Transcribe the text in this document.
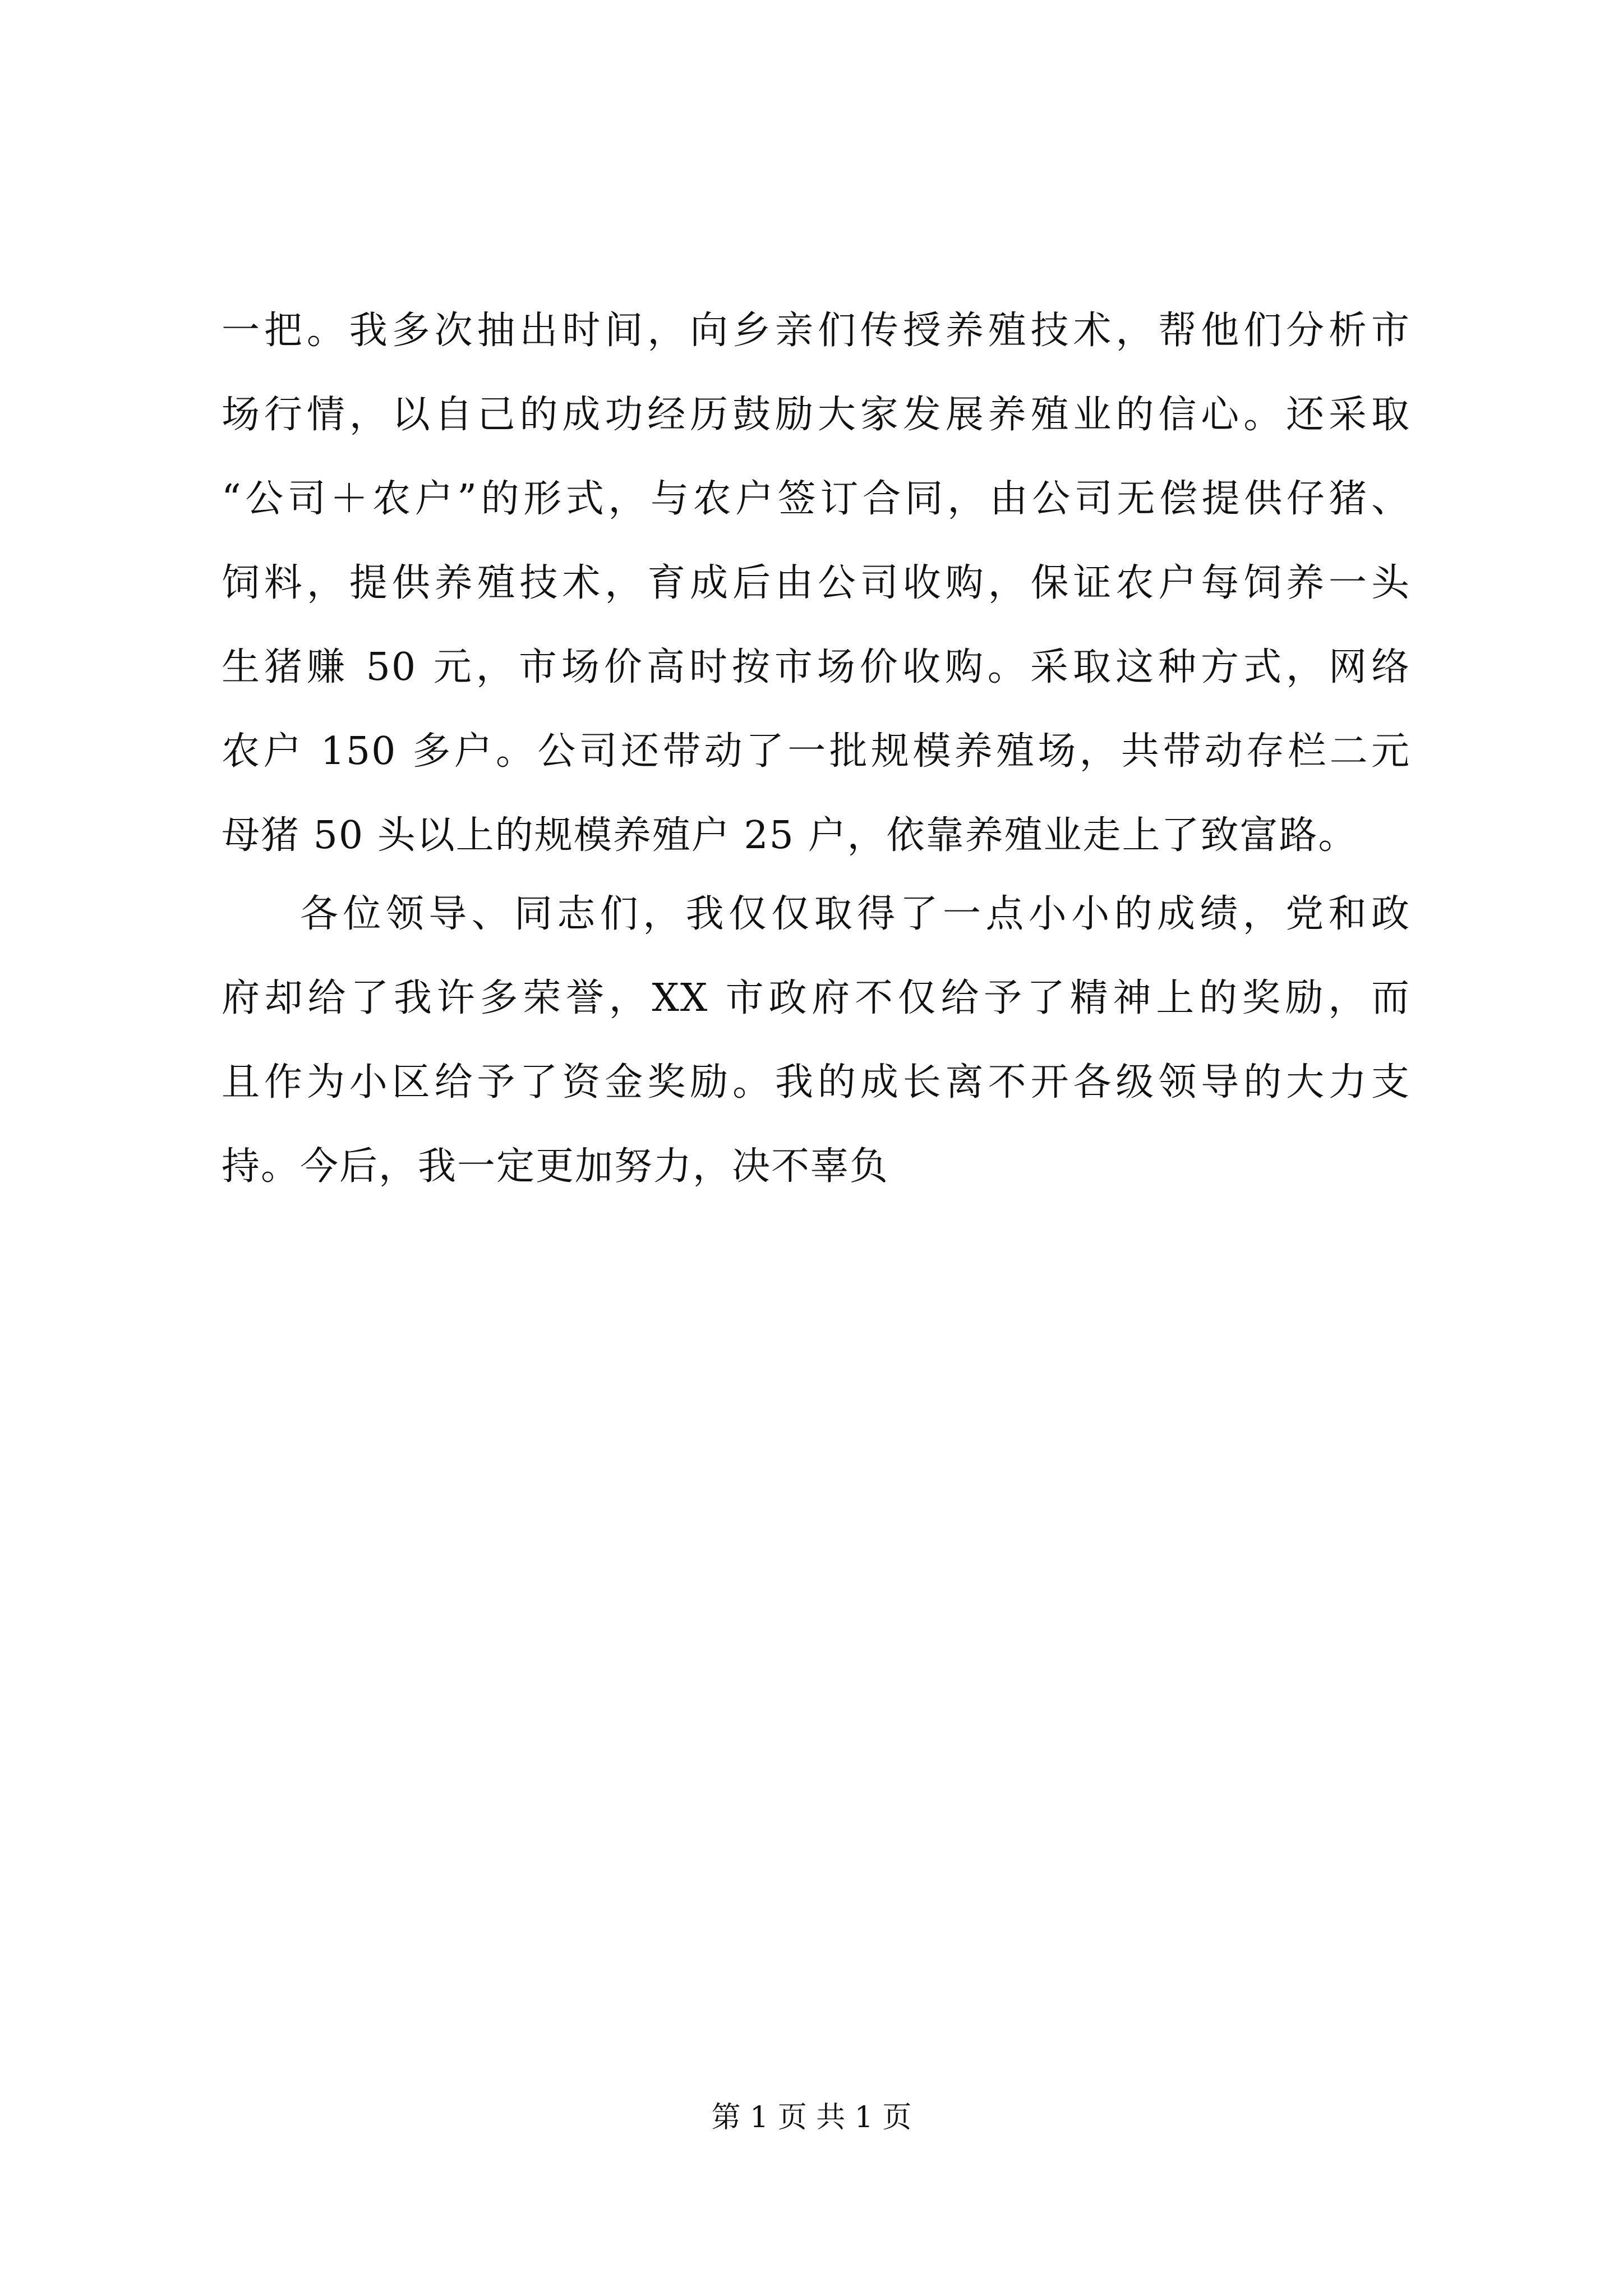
一把。我多次抽出时间，向乡亲们传授养殖技术，帮他们分析市
场行情，以自己的成功经历鼓励大家发展养殖业的信心。还采取
“公司＋农户”的形式，与农户签订合同，由公司无偿提供仔猪、
饲料，提供养殖技术，育成后由公司收购，保证农户每饲养一头
生猪赚 50 元，市场价高时按市场价收购。采取这种方式，网络
农户 150 多户。公司还带动了一批规模养殖场，共带动存栏二元
母猪 50 头以上的规模养殖户 25 户，依靠养殖业走上了致富路。
各位领导、同志们，我仅仅取得了一点小小的成绩，党和政
府却给了我许多荣誉，XX 市政府不仅给予了精神上的奖励，而
且作为小区给予了资金奖励。我的成长离不开各级领导的大力支
持。今后，我一定更加努力，决不辜负
第 1 页 共 1 页
